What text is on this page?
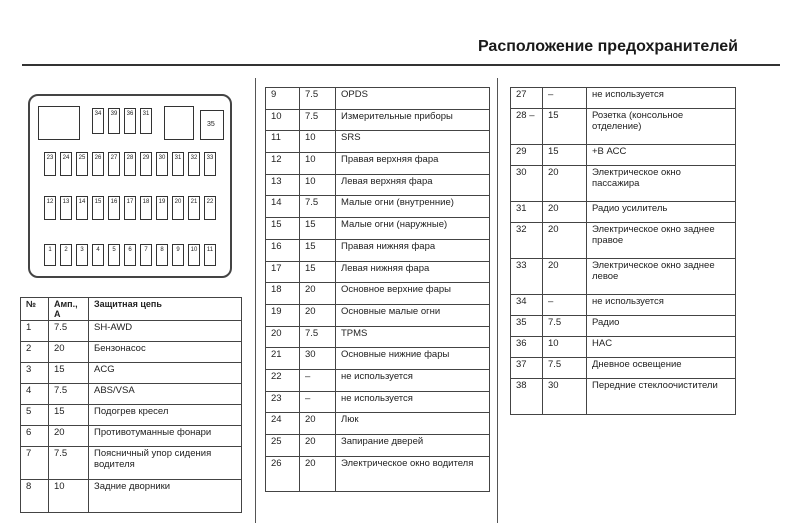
Расположение предохранителей
34 39 36 31
35
23 24 25 26 27 28 29 30 31 32 33
12 13 14 15 16 17 18 19 20 21 22
1	2	3	4	5	6	7	8	9	10	11
№	Амп., А	Защитная цепь
1	7.5	SH-AWD
2	20	Бензонасос
3	15	ACG
4	7.5	ABS/VSA
5	15	Подогрев кресел
6	20	Противотуманные фонари
7	7.5	Поясничный упор сидения водителя
8	10	Задние дворники
9	7.5	OPDS
10	7.5	Измерительные приборы
11	10	SRS
12	10	Правая верхняя фара
13	10	Левая верхняя фара
14	7.5	Малые огни (внутренние)
15	15	Малые огни (наружные)
16	15	Правая нижняя фара
17	15	Левая нижняя фара
18	20	Основное верхние фары
19	20	Основные малые огни
20	7.5	TPMS
21	30	Основные нижние фары
22	–	не используется
23	–	не используется
24	20	Люк
25	20	Запирание дверей
26	20	Электрическое окно водителя
27	–	не используется
28 –	15	Розетка (консольное отделение)
29	15	+В АСС
30	20	Электрическое окно пассажира
31	20	Радио усилитель
32	20	Электрическое окно заднее правое
33	20	Электрическое окно заднее левое
34	–	не используется
35	7.5	Радио
36	10	HAC
37	7.5	Дневное освещение
38	30	Передние стеклоочистители
